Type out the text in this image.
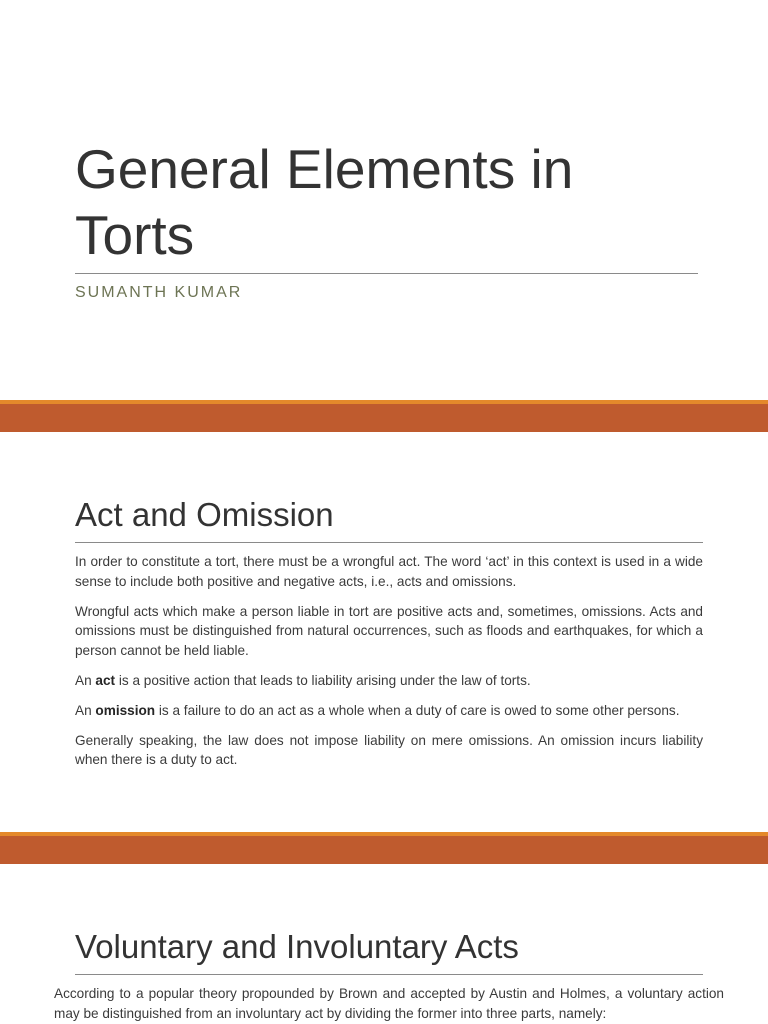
General Elements in
Torts
SUMANTH KUMAR
Act and Omission

In order to constitute a tort, there must be a wrongful act. The word ‘act’ in this context is used in a wide sense to include both positive and negative acts, i.e., acts and omissions.

Wrongful acts which make a person liable in tort are positive acts and, sometimes, omissions. Acts and omissions must be distinguished from natural occurrences, such as floods and earthquakes, for which a person cannot be held liable.

An act is a positive action that leads to liability arising under the law of torts.

An omission is a failure to do an act as a whole when a duty of care is owed to some other persons.

Generally speaking, the law does not impose liability on mere omissions. An omission incurs liability when there is a duty to act.

Voluntary and Involuntary Acts

According to a popular theory propounded by Brown and accepted by Austin and Holmes, a voluntary action may be distinguished from an involuntary act by dividing the former into three parts, namely:
